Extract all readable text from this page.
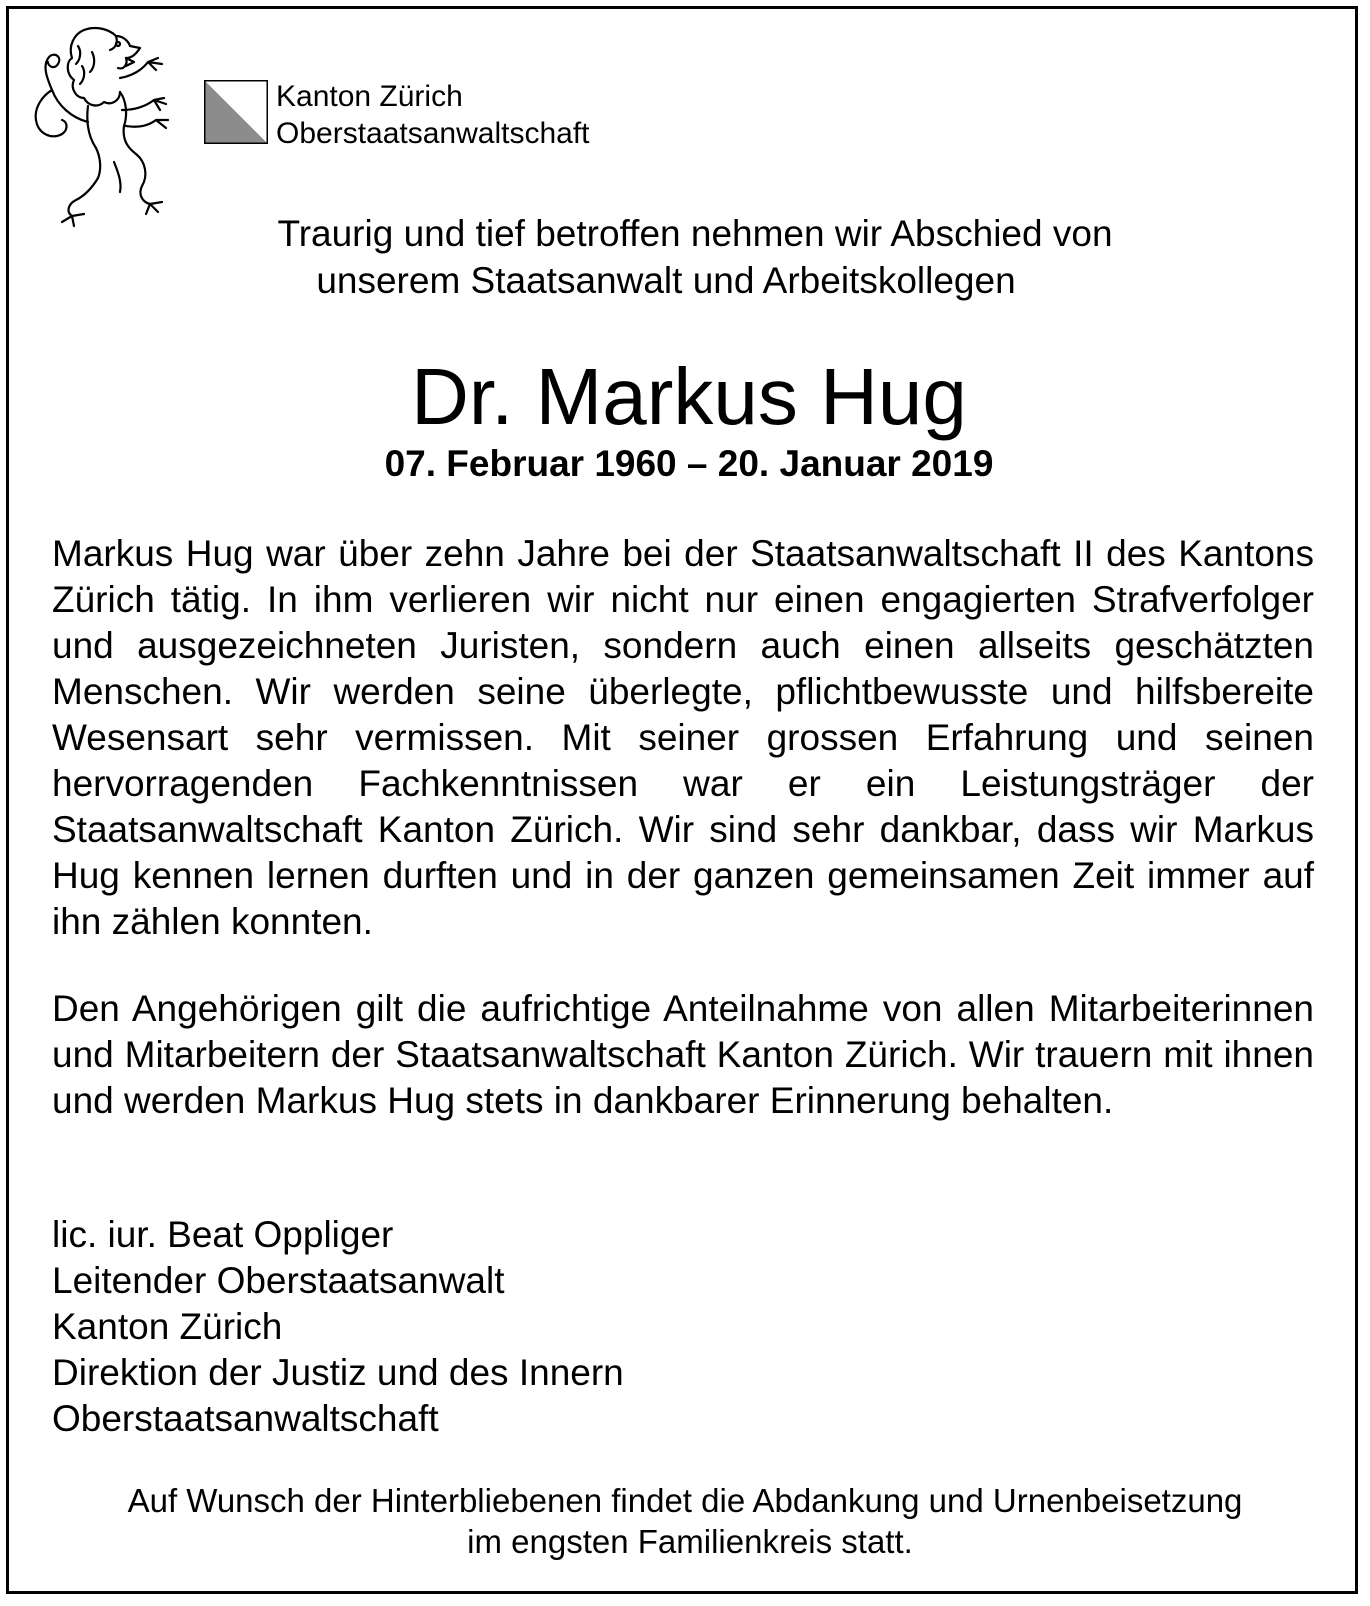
Kanton Zürich
Oberstaatsanwaltschaft
Traurig und tief betroffen nehmen wir Abschied von
unserem Staatsanwalt und Arbeitskollegen
Dr. Markus Hug
07. Februar 1960 – 20. Januar 2019
Markus Hug war über zehn Jahre bei der Staatsanwaltschaft II des Kantons Zürich tätig. In ihm verlieren wir nicht nur einen engagierten Strafverfolger und ausgezeichneten Juristen, sondern auch einen allseits geschätzten Menschen. Wir werden seine überlegte, pflichtbewusste und hilfsbereite Wesensart sehr vermissen. Mit seiner grossen Erfahrung und seinen hervorragenden Fachkenntnissen war er ein Leistungsträger der Staatsanwaltschaft Kanton Zürich. Wir sind sehr dankbar, dass wir Markus Hug kennen lernen durften und in der ganzen gemeinsamen Zeit immer auf ihn zählen konnten.
Den Angehörigen gilt die aufrichtige Anteilnahme von allen Mitarbeiterinnen und Mitarbeitern der Staatsanwaltschaft Kanton Zürich. Wir trauern mit ihnen und werden Markus Hug stets in dankbarer Erinnerung behalten.
lic. iur. Beat Oppliger
Leitender Oberstaatsanwalt
Kanton Zürich
Direktion der Justiz und des Innern
Oberstaatsanwaltschaft
Auf Wunsch der Hinterbliebenen findet die Abdankung und Urnenbeisetzung
im engsten Familienkreis statt.
